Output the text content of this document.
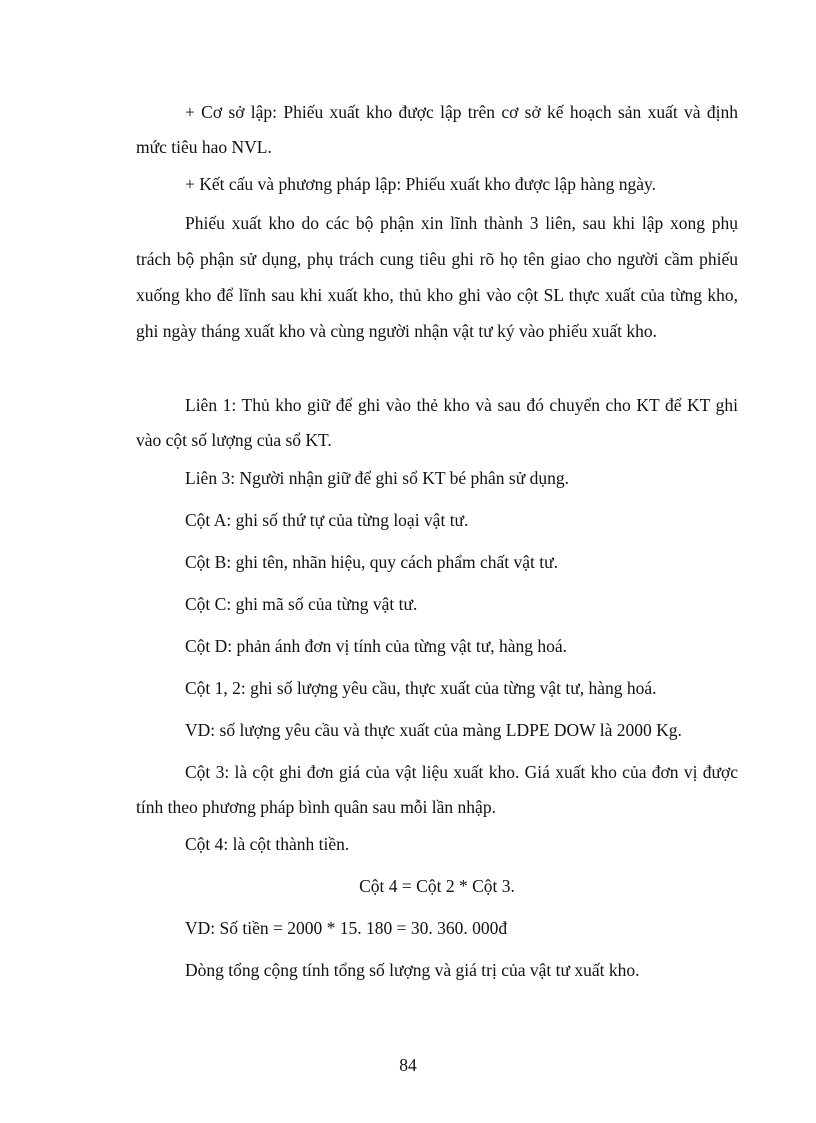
+ Cơ sở lập: Phiếu xuất kho được lập trên cơ sở kế hoạch sản xuất và định mức tiêu hao NVL.

+ Kết cấu và phương pháp lập: Phiếu xuất kho được lập hàng ngày.

Phiếu xuất kho do các bộ phận xin lĩnh thành 3 liên, sau khi lập xong phụ trách bộ phận sử dụng, phụ trách cung tiêu ghi rõ họ tên giao cho người cầm phiếu xuống kho để lĩnh sau khi xuất kho, thủ kho ghi vào cột SL thực xuất của từng kho, ghi ngày tháng xuất kho và cùng người nhận vật tư ký vào phiếu xuất kho.

Liên 1: Thủ kho giữ để ghi vào thẻ kho và sau đó chuyển cho KT để KT ghi vào cột số lượng của sổ KT.

Liên 3: Người nhận giữ để ghi sổ KT bé phân sử dụng.

Cột A: ghi số thứ tự của từng loại vật tư.

Cột B: ghi tên, nhãn hiệu, quy cách phẩm chất vật tư.

Cột C: ghi mã số của từng vật tư.

Cột D: phản ánh đơn vị tính của từng vật tư, hàng hoá.

Cột 1, 2: ghi số lượng yêu cầu, thực xuất của từng vật tư, hàng hoá.

VD: số lượng yêu cầu và thực xuất của màng LDPE DOW là 2000 Kg.

Cột 3: là cột ghi đơn giá của vật liệu xuất kho. Giá xuất kho của đơn vị được tính theo phương pháp bình quân sau mỗi lần nhập.

Cột 4: là cột thành tiền.

Cột 4 = Cột 2 * Cột 3.

VD: Số tiền = 2000 * 15. 180 = 30. 360. 000đ

Dòng tổng cộng tính tổng số lượng và giá trị của vật tư xuất kho.

84
